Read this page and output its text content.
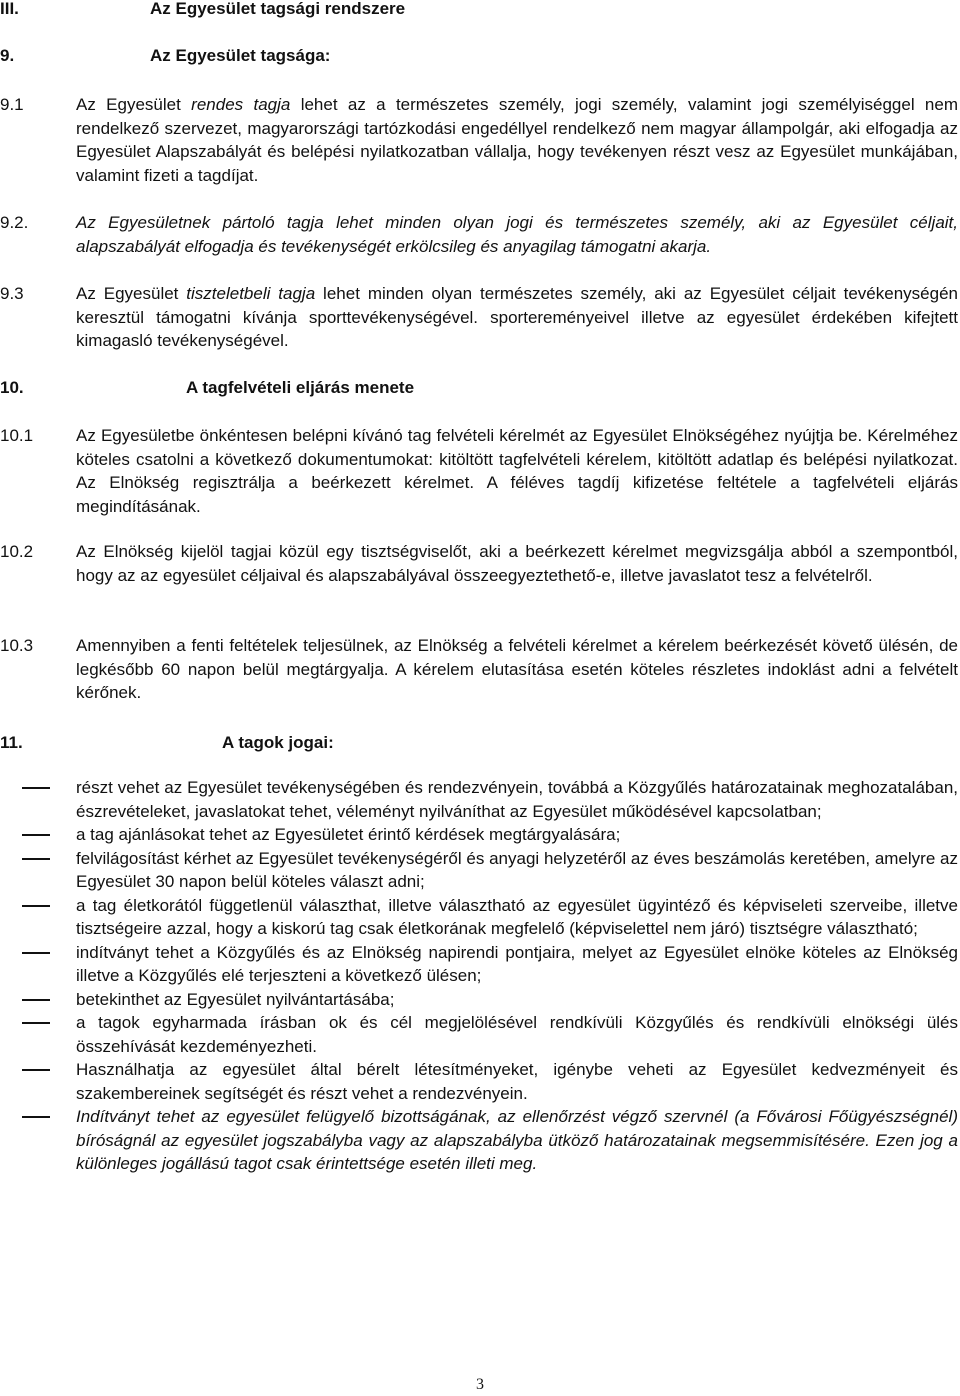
III.	Az Egyesület tagsági rendszere
9.	Az Egyesület tagsága:
9.1	Az Egyesület rendes tagja lehet az a természetes személy, jogi személy, valamint jogi személyiséggel nem rendelkező szervezet, magyarországi tartózkodási engedéllyel rendelkező nem magyar állampolgár, aki elfogadja az Egyesület Alapszabályát és belépési nyilatkozatban vállalja, hogy tevékenyen részt vesz az Egyesület munkájában, valamint fizeti a tagdíjat.
9.2.	Az Egyesületnek pártoló tagja lehet minden olyan jogi és természetes személy, aki az Egyesület céljait, alapszabályát elfogadja és tevékenységét erkölcsileg és anyagilag támogatni akarja.
9.3	Az Egyesület tiszteletbeli tagja lehet minden olyan természetes személy, aki az Egyesület céljait tevékenységén keresztül támogatni kívánja sporttevékenységével. sportereményeivel illetve az egyesület érdekében kifejtett kimagasló tevékenységével.
10.	A tagfelvételi eljárás menete
10.1	Az Egyesületbe önkéntesen belépni kívánó tag felvételi kérelmét az Egyesület Elnökségéhez nyújtja be. Kérelméhez köteles csatolni a következő dokumentumokat: kitöltött tagfelvételi kérelem, kitöltött adatlap és belépési nyilatkozat. Az Elnökség regisztrálja a beérkezett kérelmet. A féléves tagdíj kifizetése feltétele a tagfelvételi eljárás megindításának.
10.2	Az Elnökség kijelöl tagjai közül egy tisztségviselőt, aki a beérkezett kérelmet megvizsgálja abból a szempontból, hogy az az egyesület céljaival és alapszabályával összeegyeztethető-e, illetve javaslatot tesz a felvételről.
10.3	Amennyiben a fenti feltételek teljesülnek, az Elnökség a felvételi kérelmet a kérelem beérkezését követő ülésén, de legkésőbb 60 napon belül megtárgyalja. A kérelem elutasítása esetén köteles részletes indoklást adni a felvételt kérőnek.
11.	A tagok jogai:
részt vehet az Egyesület tevékenységében és rendezvényein, továbbá a Közgyűlés határozatainak meghozatalában, észrevételeket, javaslatokat tehet, véleményt nyilváníthat az Egyesület működésével kapcsolatban;
a tag ajánlásokat tehet az Egyesületet érintő kérdések megtárgyalására;
felvilágosítást kérhet az Egyesület tevékenységéről és anyagi helyzetéről az éves beszámolás keretében, amelyre az Egyesület 30 napon belül köteles választ adni;
a tag életkorától függetlenül választhat, illetve választható az egyesület ügyintéző és képviseleti szerveibe, illetve tisztségeire azzal, hogy a kiskorú tag csak életkorának megfelelő (képviselettel nem járó) tisztségre választható;
indítványt tehet a Közgyűlés és az Elnökség napirendi pontjaira, melyet az Egyesület elnöke köteles az Elnökség illetve a Közgyűlés elé terjeszteni a következő ülésen;
betekinthet az Egyesület nyilvántartásába;
a tagok egyharmada írásban ok és cél megjelölésével rendkívüli Közgyűlés és rendkívüli elnökségi ülés összehívását kezdeményezheti.
Használhatja az egyesület által bérelt létesítményeket, igénybe veheti az Egyesület kedvezményeit és szakembereinek segítségét és részt vehet a rendezvényein.
Indítványt tehet az egyesület felügyelő bizottságának, az ellenőrzést végző szervnél (a Fővárosi Főügyészségnél) bíróságnál az egyesület jogszabályba vagy az alapszabályba ütköző határozatainak megsemmisítésére. Ezen jog a különleges jogállású tagot csak érintettsége esetén illeti meg.
3
